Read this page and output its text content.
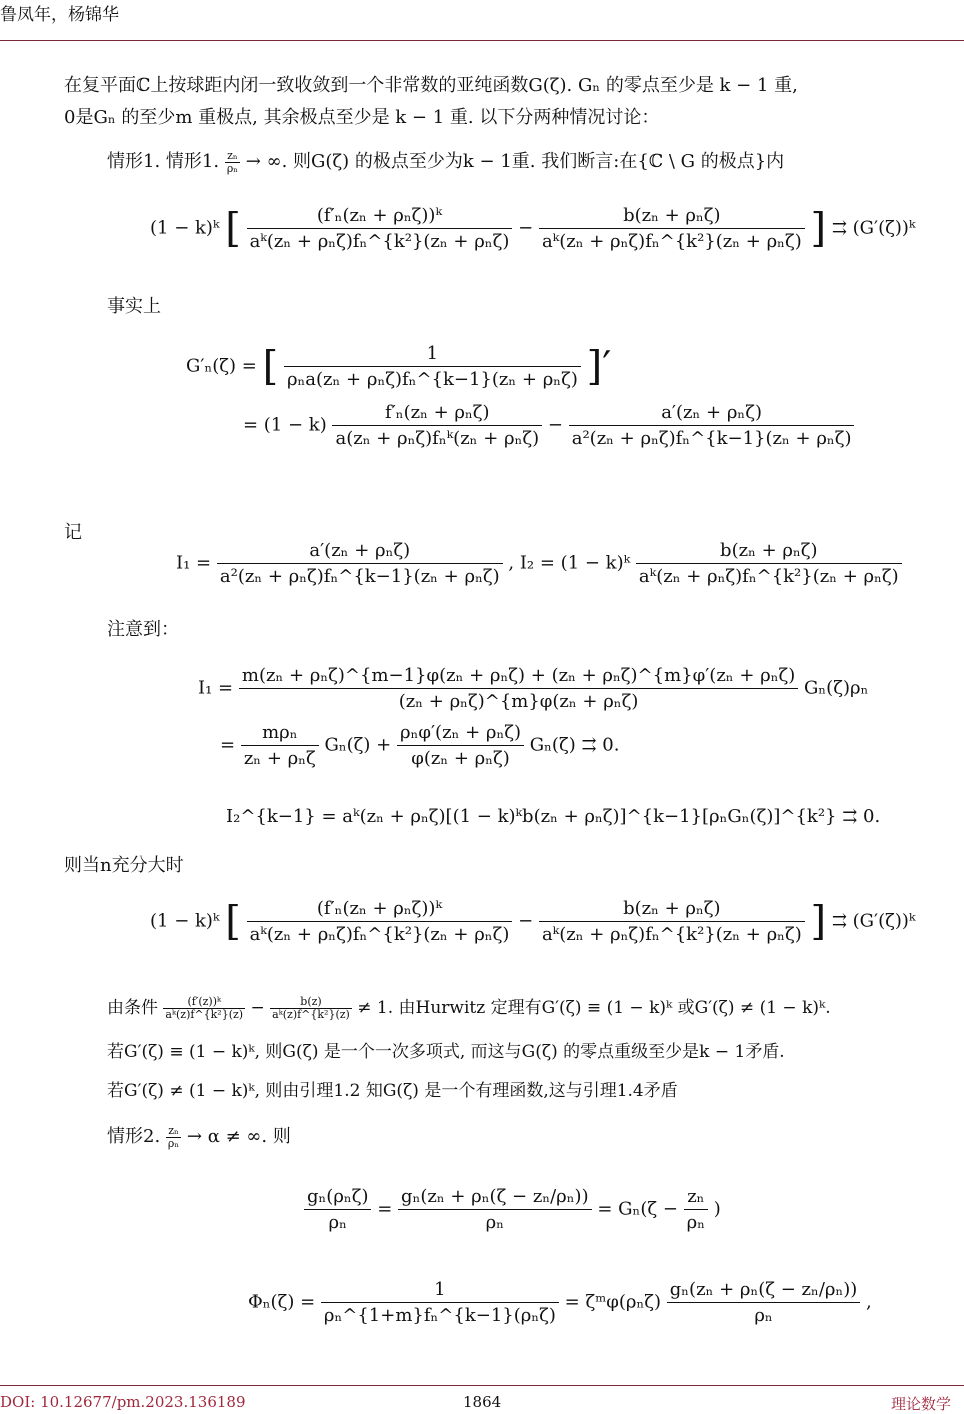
鲁凤年，杨锦华
在复平面ℂ上按球距内闭一致收敛到一个非常数的亚纯函数G(ζ). Gₙ 的零点至少是 k − 1 重,
0是Gₙ 的至少m 重极点, 其余极点至少是 k − 1 重. 以下分两种情况讨论：
情形1. 情形1. $\frac{\text{zₙ}}{\text{ρₙ}}$ → ∞. 则G(ζ) 的极点至少为k − 1重. 我们断言:在{ℂ \ G 的极点}内
(1 − k)ᵏ [ $\frac{\text{(f′ₙ(zₙ + ρₙζ))ᵏ}}{\text{aᵏ(zₙ + ρₙζ)fₙ\textasciicircum{}\{k²\}(zₙ + ρₙζ)}} - \frac{\text{b(zₙ + ρₙζ)}}{\text{aᵏ(zₙ + ρₙζ)fₙ\textasciicircum{}\{k²\}(zₙ + ρₙζ)}}$ ] ⇉ (G′(ζ))ᵏ
事实上
G′ₙ(ζ) = [ $\frac{1}{\text{ρₙa(zₙ + ρₙζ)fₙ\textasciicircum{}\{k−1\}(zₙ + ρₙζ)}}$ ]′
= $(1 - k) \frac{\text{f′ₙ(zₙ + ρₙζ)}}{\text{a(zₙ + ρₙζ)fₙᵏ(zₙ + ρₙζ)}} - \frac{\text{a′(zₙ + ρₙζ)}}{\text{a²(zₙ + ρₙζ)fₙ\textasciicircum{}\{k−1\}(zₙ + ρₙζ)}}$
记
$I_1 = \frac{\text{a′(zₙ + ρₙζ)}}{\text{a²(zₙ + ρₙζ)fₙ\textasciicircum{}\{k−1\}(zₙ + ρₙζ)}}$ , I₂ = (1 − k)ᵏ $\frac{\text{b(zₙ + ρₙζ)}}{\text{aᵏ(zₙ + ρₙζ)fₙ\textasciicircum{}\{k²\}(zₙ + ρₙζ)}}$
注意到：
$I_1 = \frac{\text{m(zₙ + ρₙζ)\textasciicircum{}\{m−1\}φ(zₙ + ρₙζ) + (zₙ + ρₙζ)\textasciicircum{}\{m\}φ′(zₙ + ρₙζ)}}{\text{(zₙ + ρₙζ)\textasciicircum{}\{m\}φ(zₙ + ρₙζ)}} G_n(\zeta)\rho_n$
= $\frac{\text{mρₙ}}{\text{zₙ + ρₙζ}} G_n(\zeta) + \frac{\text{ρₙφ′(zₙ + ρₙζ)}}{\text{φ(zₙ + ρₙζ)}} G_n(\zeta)$ ⇉ 0.
I₂^{k−1} = aᵏ(zₙ + ρₙζ)[(1 − k)ᵏb(zₙ + ρₙζ)]^{k−1}[ρₙGₙ(ζ)]^{k²} ⇉ 0.
则当n充分大时
(1 − k)ᵏ [ $\frac{\text{(f′ₙ(zₙ + ρₙζ))ᵏ}}{\text{aᵏ(zₙ + ρₙζ)fₙ\textasciicircum{}\{k²\}(zₙ + ρₙζ)}} - \frac{\text{b(zₙ + ρₙζ)}}{\text{aᵏ(zₙ + ρₙζ)fₙ\textasciicircum{}\{k²\}(zₙ + ρₙζ)}}$ ] ⇉ (G′(ζ))ᵏ
由条件 $\frac{\text{(f′(z))ᵏ}}{\text{aᵏ(z)f\textasciicircum{}\{k²\}(z)}} - \frac{b(z)}{\text{aᵏ(z)f\textasciicircum{}\{k²\}(z)}} \ne 1$. 由Hurwitz 定理有G′(ζ) ≡ (1 − k)ᵏ 或G′(ζ) ≠ (1 − k)ᵏ.
若G′(ζ) ≡ (1 − k)ᵏ, 则G(ζ) 是一个一次多项式, 而这与G(ζ) 的零点重级至少是k − 1矛盾.
若G′(ζ) ≠ (1 − k)ᵏ, 则由引理1.2 知G(ζ) 是一个有理函数,这与引理1.4矛盾
情形2. $\frac{\text{zₙ}}{\text{ρₙ}} \to \alpha$ ≠ ∞. 则
$\frac{\text{gₙ(ρₙζ)}}{\text{ρₙ}} = \frac{\text{gₙ(zₙ + ρₙ(ζ − zₙ/ρₙ))}}{\text{ρₙ}} = G_n(\zeta - \frac{\text{zₙ}}{\text{ρₙ}}$ )
$\Phi_n(\zeta) = \frac{1}{\text{ρₙ\textasciicircum{}\{1+m\}fₙ\textasciicircum{}\{k−1\}(ρₙζ)}}$ = ζᵐφ(ρₙζ) $\frac{\text{gₙ(zₙ + ρₙ(ζ − zₙ/ρₙ))}}{\text{ρₙ}}$ ,
DOI: 10.12677/pm.2023.136189	1864	理论数学
